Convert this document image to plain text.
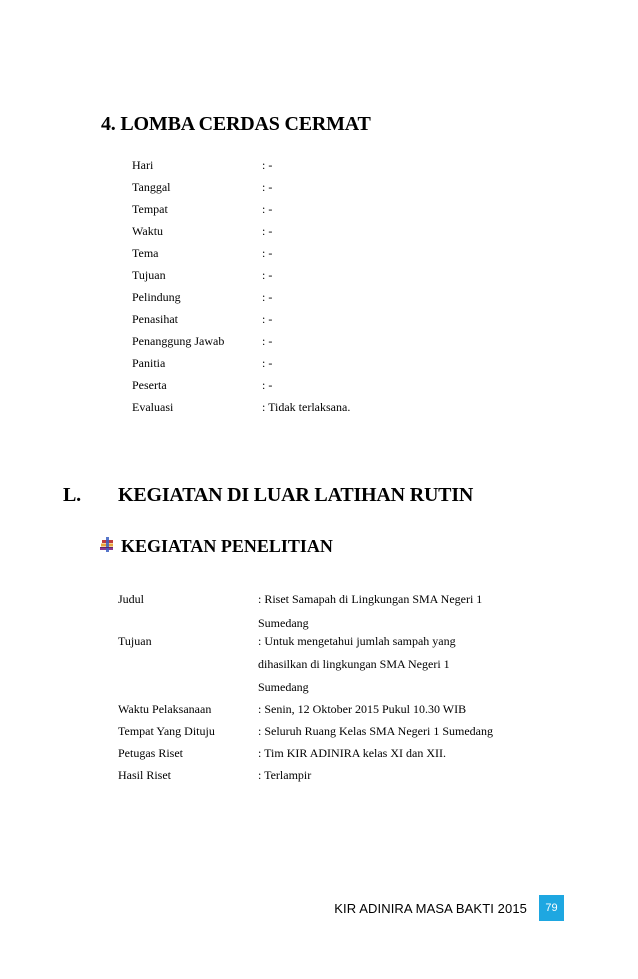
4. LOMBA CERDAS CERMAT
Hari	: -
Tanggal	: -
Tempat	: -
Waktu	: -
Tema	: -
Tujuan	: -
Pelindung	: -
Penasihat	: -
Penanggung Jawab	: -
Panitia	: -
Peserta	: -
Evaluasi	: Tidak terlaksana.
L. KEGIATAN DI LUAR LATIHAN RUTIN
KEGIATAN PENELITIAN
Judul	: Riset Samapah di Lingkungan SMA Negeri 1
Sumedang
Tujuan	: Untuk mengetahui jumlah sampah yang
dihasilkan di lingkungan SMA Negeri 1
Sumedang
Waktu Pelaksanaan	: Senin, 12 Oktober 2015 Pukul 10.30 WIB
Tempat Yang Dituju	: Seluruh Ruang Kelas SMA Negeri 1 Sumedang
Petugas Riset	: Tim KIR ADINIRA kelas XI dan XII.
Hasil Riset	: Terlampir
KIR ADINIRA MASA BAKTI 2015	79
